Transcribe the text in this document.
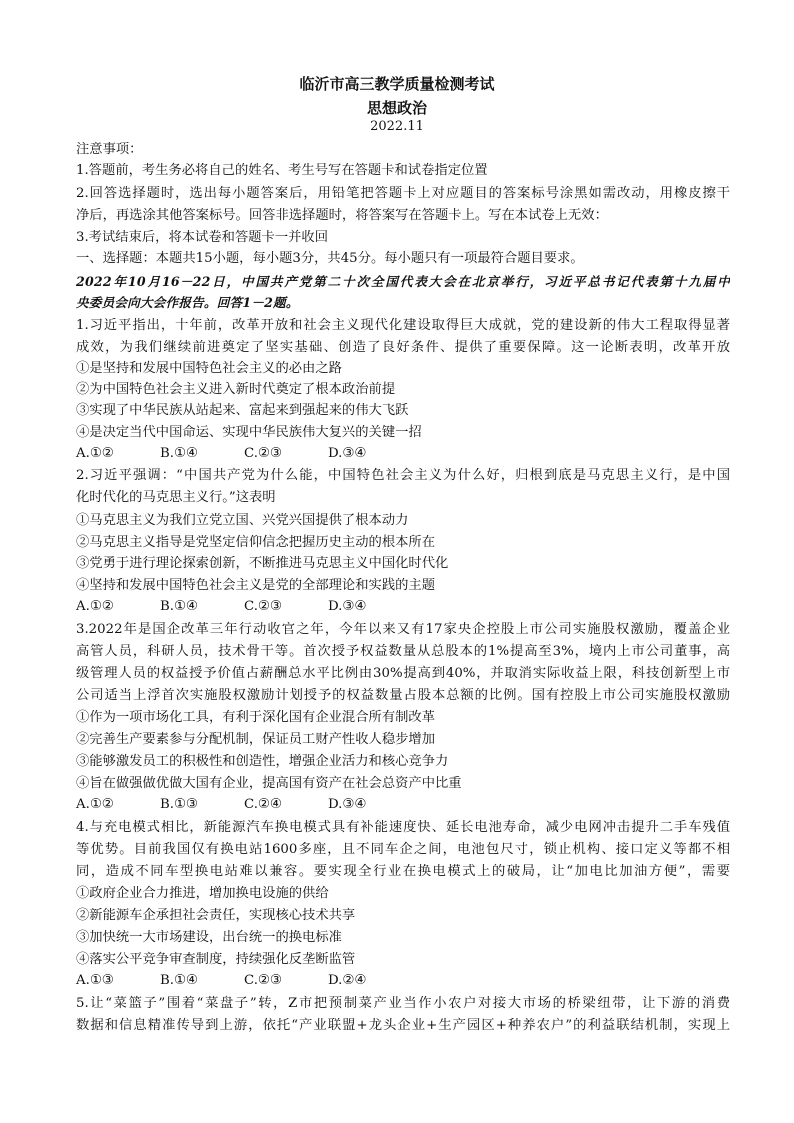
临沂市高三教学质量检测考试
思想政治
2022.11
注意事项：
1.答题前，考生务必将自己的姓名、考生号写在答题卡和试卷指定位置
2.回答选择题时，选出每小题答案后，用铅笔把答题卡上对应题目的答案标号涂黑如需改动，用橡皮擦干
净后，再选涂其他答案标号。回答非选择题时，将答案写在答题卡上。写在本试卷上无效：
3.考试结束后，将本试卷和答题卡一并收回
一、选择题：本题共15小题，每小题3分，共45分。每小题只有一项最符合题目要求。
2022年10月16－22日，中国共产党第二十次全国代表大会在北京举行，习近平总书记代表第十九届中
央委员会向大会作报告。回答1－2题。
1.习近平指出，十年前，改革开放和社会主义现代化建设取得巨大成就，党的建设新的伟大工程取得显著
成效，为我们继续前进奠定了坚实基础、创造了良好条件、提供了重要保障。这一论断表明，改革开放
①是坚持和发展中国特色社会主义的必由之路
②为中国特色社会主义进入新时代奠定了根本政治前提
③实现了中华民族从站起来、富起来到强起来的伟大飞跃
④是决定当代中国命运、实现中华民族伟大复兴的关键一招
A.①②	B.①④	C.②③	D.③④
2.习近平强调：“中国共产党为什么能，中国特色社会主义为什么好，归根到底是马克思主义行，是中国
化时代化的马克思主义行。”这表明
①马克思主义为我们立党立国、兴党兴国提供了根本动力
②马克思主义指导是党坚定信仰信念把握历史主动的根本所在
③党勇于进行理论探索创新，不断推进马克思主义中国化时代化
④坚持和发展中国特色社会主义是党的全部理论和实践的主题
A.①②	B.①④	C.②③	D.③④
3.2022年是国企改革三年行动收官之年，今年以来又有17家央企控股上市公司实施股权激励，覆盖企业
高管人员，科研人员，技术骨干等。首次授予权益数量从总股本的1%提高至3%，境内上市公司董事，高
级管理人员的权益授予价值占薪酬总水平比例由30%提高到40%，并取消实际收益上限，科技创新型上市
公司适当上浮首次实施股权激励计划授予的权益数量占股本总额的比例。国有控股上市公司实施股权激励
①作为一项市场化工具，有利于深化国有企业混合所有制改革
②完善生产要素参与分配机制，保证员工财产性收人稳步增加
③能够激发员工的积极性和创造性，增强企业活力和核心竞争力
④旨在做强做优做大国有企业，提高国有资产在社会总资产中比重
A.①②	B.①③	C.②④	D.③④
4.与充电模式相比，新能源汽车换电模式具有补能速度快、延长电池寿命，减少电网冲击提升二手车残值
等优势。目前我国仅有换电站1600多座，且不同车企之间，电池包尺寸，锁止机构、接口定义等都不相
同，造成不同车型换电站难以兼容。要实现全行业在换电模式上的破局，让“加电比加油方便”，需要
①政府企业合力推进，增加换电设施的供给
②新能源车企承担社会责任，实现核心技术共享
③加快统一大市场建设，出台统一的换电标准
④落实公平竞争审查制度，持续强化反垄断监管
A.①③	B.①④	C.②③	D.②④
5.让“菜篮子”围着“菜盘子”转，Z市把预制菜产业当作小农户对接大市场的桥梁纽带，让下游的消费
数据和信息精准传导到上游，依托“产业联盟+龙头企业+生产园区+种养农户”的利益联结机制，实现上
